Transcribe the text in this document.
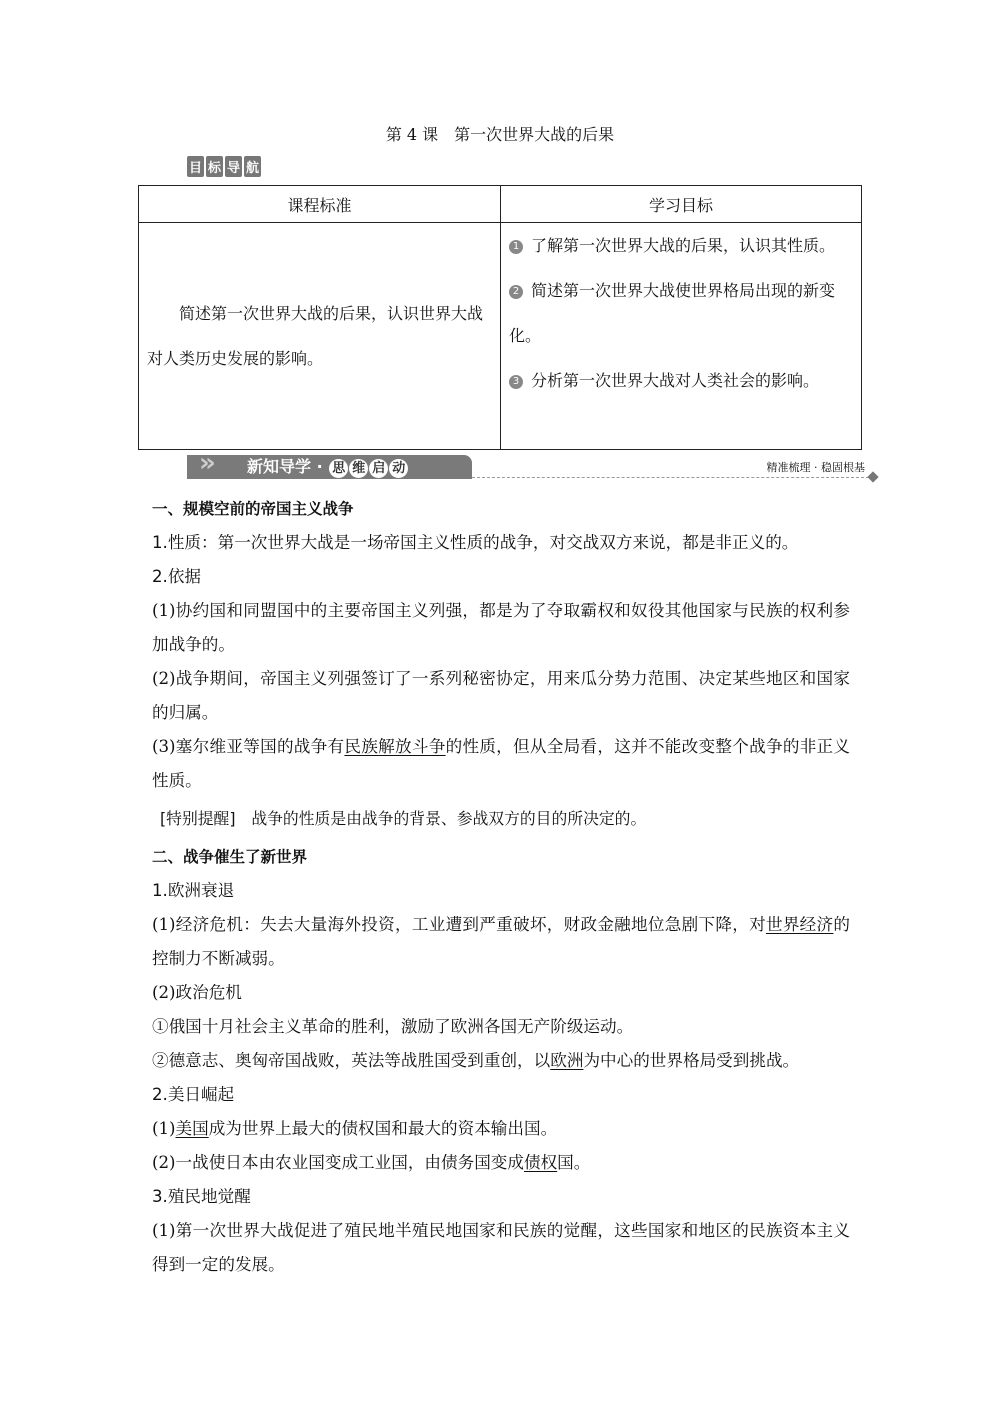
第 4 课　第一次世界大战的后果
目 标 导 航
课程标准	学习目标
简述第一次世界大战的后果，认识世界大战对人类历史发展的影响。	1 了解第一次世界大战的后果，认识其性质。
2 简述第一次世界大战使世界格局出现的新变化。
3 分析第一次世界大战对人类社会的影响。
» 新知导学 · 思 维 启 动	精准梳理 · 稳固根基

一、规模空前的帝国主义战争

1.性质：第一次世界大战是一场帝国主义性质的战争，对交战双方来说，都是非正义的。

2.依据

(1)协约国和同盟国中的主要帝国主义列强，都是为了夺取霸权和奴役其他国家与民族的权利参加战争的。

(2)战争期间，帝国主义列强签订了一系列秘密协定，用来瓜分势力范围、决定某些地区和国家的归属。

(3)塞尔维亚等国的战争有民族解放斗争的性质，但从全局看，这并不能改变整个战争的非正义性质。

[特别提醒]　 战争的性质是由战争的背景、参战双方的目的所决定的。

二、战争催生了新世界

1.欧洲衰退

(1)经济危机：失去大量海外投资，工业遭到严重破坏，财政金融地位急剧下降，对世界经济的控制力不断减弱。

(2)政治危机

①俄国十月社会主义革命的胜利，激励了欧洲各国无产阶级运动。

②德意志、奥匈帝国战败，英法等战胜国受到重创，以欧洲为中心的世界格局受到挑战。

2.美日崛起

(1)美国成为世界上最大的债权国和最大的资本输出国。

(2)一战使日本由农业国变成工业国，由债务国变成债权国。

3.殖民地觉醒

(1)第一次世界大战促进了殖民地半殖民地国家和民族的觉醒，这些国家和地区的民族资本主义得到一定的发展。
